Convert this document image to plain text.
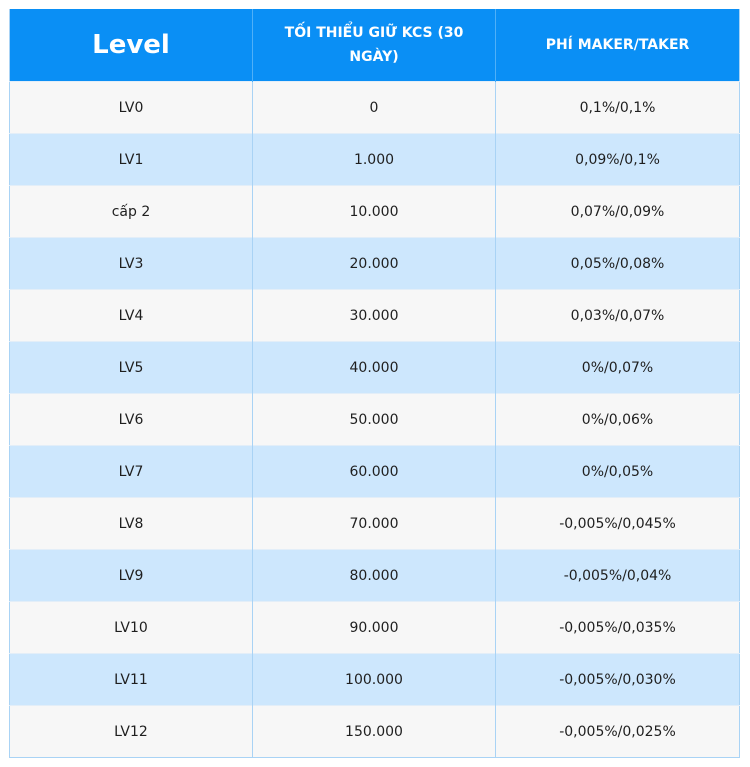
Level	TỐI THIỂU GIỮ KCS (30 NGÀY)	PHÍ MAKER/TAKER
LV0	0	0,1%/0,1%
LV1	1.000	0,09%/0,1%
cấp 2	10.000	0,07%/0,09%
LV3	20.000	0,05%/0,08%
LV4	30.000	0,03%/0,07%
LV5	40.000	0%/0,07%
LV6	50.000	0%/0,06%
LV7	60.000	0%/0,05%
LV8	70.000	-0,005%/0,045%
LV9	80.000	-0,005%/0,04%
LV10	90.000	-0,005%/0,035%
LV11	100.000	-0,005%/0,030%
LV12	150.000	-0,005%/0,025%
